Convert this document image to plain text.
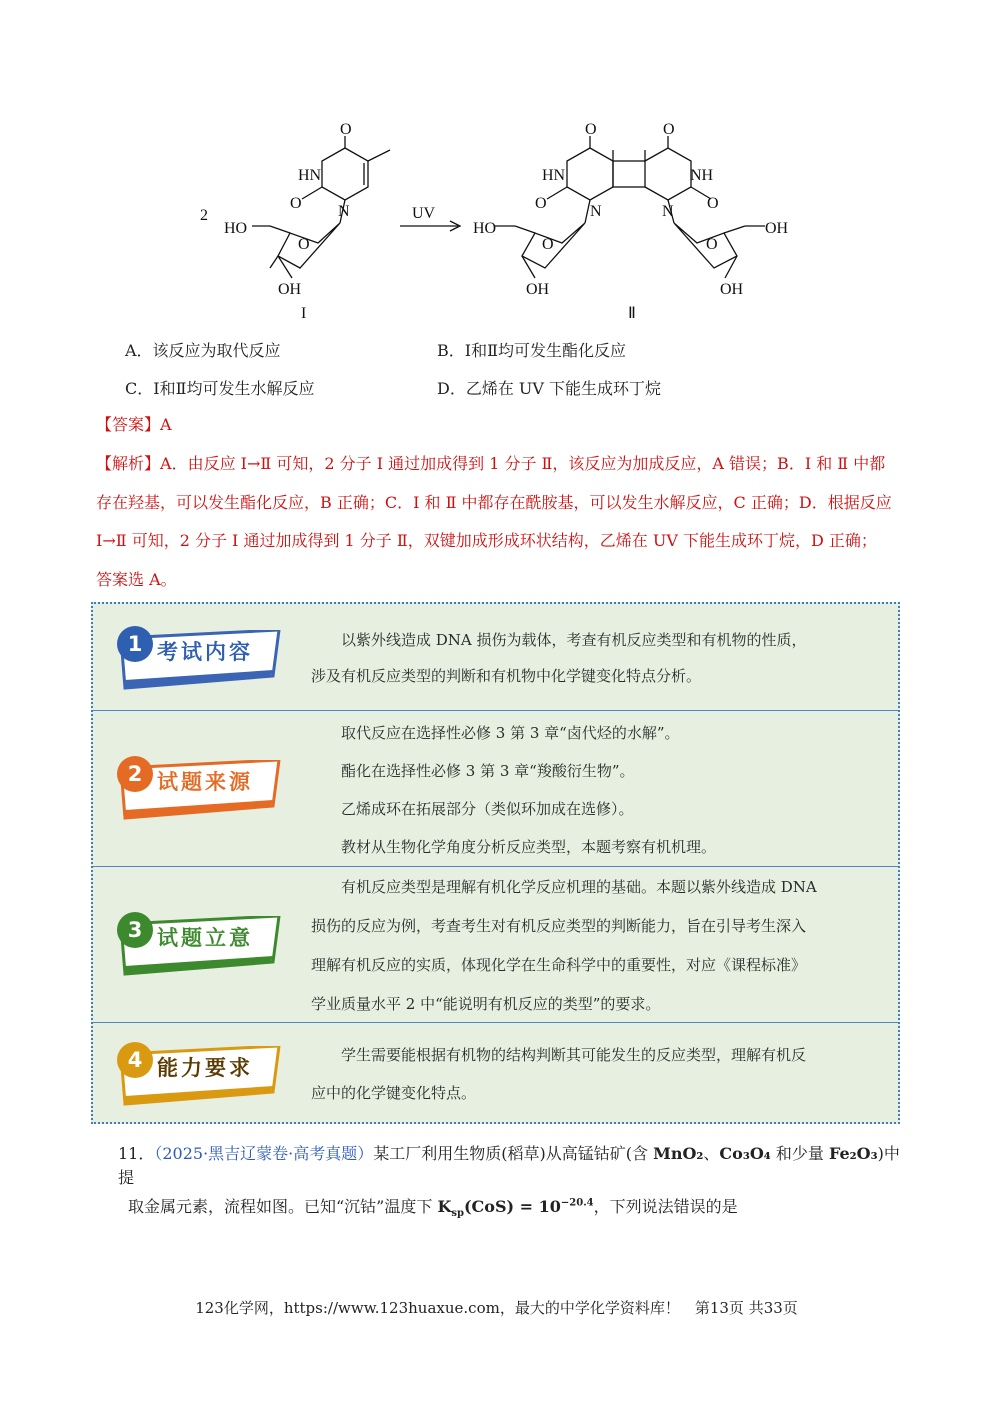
2
O
HN
O N
O
HO
OH
I
UV
O	O
HN	NH
O	O
N	N
O	O
HO	OH
OH	OH
Ⅱ
A．该反应为取代反应	B．Ⅰ和Ⅱ均可发生酯化反应
C．Ⅰ和Ⅱ均可发生水解反应	D．乙烯在 UV 下能生成环丁烷
【答案】A
【解析】A．由反应 Ⅰ→Ⅱ 可知，2 分子 Ⅰ 通过加成得到 1 分子 Ⅱ，该反应为加成反应，A 错误；B．Ⅰ 和 Ⅱ 中都存在羟基，可以发生酯化反应，B 正确；C．Ⅰ 和 Ⅱ 中都存在酰胺基，可以发生水解反应，C 正确；D．根据反应 Ⅰ→Ⅱ 可知，2 分子 Ⅰ 通过加成得到 1 分子 Ⅱ，双键加成形成环状结构，乙烯在 UV 下能生成环丁烷，D 正确； 答案选 A。
1 考试内容	以紫外线造成 DNA 损伤为载体，考查有机反应类型和有机物的性质，
涉及有机反应类型的判断和有机物中化学键变化特点分析。
2 试题来源
取代反应在选择性必修 3 第 3 章“卤代烃的水解”。
酯化在选择性必修 3 第 3 章“羧酸衍生物”。
乙烯成环在拓展部分（类似环加成在选修）。
教材从生物化学角度分析反应类型，本题考察有机机理。
3 试题立意
有机反应类型是理解有机化学反应机理的基础。本题以紫外线造成 DNA
损伤的反应为例，考查考生对有机反应类型的判断能力，旨在引导考生深入
理解有机反应的实质，体现化学在生命科学中的重要性，对应《课程标准》
学业质量水平 2 中“能说明有机反应的类型”的要求。
4 能力要求	学生需要能根据有机物的结构判断其可能发生的反应类型，理解有机反
应中的化学键变化特点。
11．（2025·黑吉辽蒙卷·高考真题）某工厂利用生物质(稻草)从高锰钴矿(含 MnO₂、Co₃O₄ 和少量 Fe₂O₃)中提
取金属元素，流程如图。已知“沉钴”温度下 $K_{sp}(CoS) = 10^{-20.4}$，下列说法错误的是
123化学网，https://www.123huaxue.com，最大的中学化学资料库！　第13页 共33页
